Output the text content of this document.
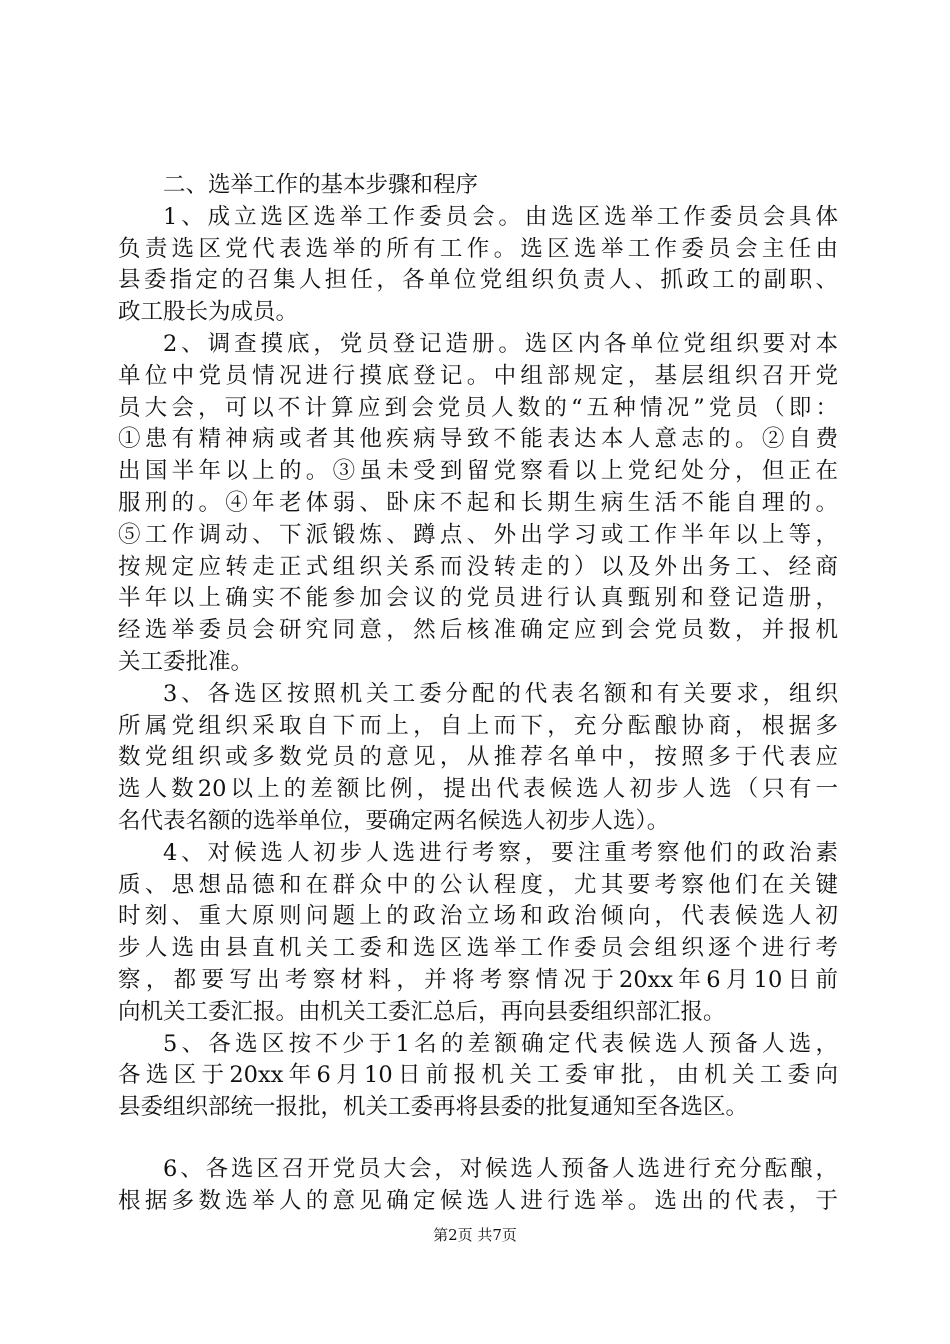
二、选举工作的基本步骤和程序
1、成立选区选举工作委员会。由选区选举工作委员会具体
负责选区党代表选举的所有工作。选区选举工作委员会主任由
县委指定的召集人担任，各单位党组织负责人、抓政工的副职、
政工股长为成员。
2、调查摸底，党员登记造册。选区内各单位党组织要对本
单位中党员情况进行摸底登记。中组部规定，基层组织召开党
员大会，可以不计算应到会党员人数的“五种情况”党员（即：
①患有精神病或者其他疾病导致不能表达本人意志的。②自费
出国半年以上的。③虽未受到留党察看以上党纪处分，但正在
服刑的。④年老体弱、卧床不起和长期生病生活不能自理的。
⑤工作调动、下派锻炼、蹲点、外出学习或工作半年以上等，
按规定应转走正式组织关系而没转走的）以及外出务工、经商
半年以上确实不能参加会议的党员进行认真甄别和登记造册，
经选举委员会研究同意，然后核准确定应到会党员数，并报机
关工委批准。
3、各选区按照机关工委分配的代表名额和有关要求，组织
所属党组织采取自下而上，自上而下，充分酝酿协商，根据多
数党组织或多数党员的意见，从推荐名单中，按照多于代表应
选人数20以上的差额比例，提出代表候选人初步人选（只有一
名代表名额的选举单位，要确定两名候选人初步人选）。
4、对候选人初步人选进行考察，要注重考察他们的政治素
质、思想品德和在群众中的公认程度，尤其要考察他们在关键
时刻、重大原则问题上的政治立场和政治倾向，代表候选人初
步人选由县直机关工委和选区选举工作委员会组织逐个进行考
察，都要写出考察材料，并将考察情况于20xx年6月10日前
向机关工委汇报。由机关工委汇总后，再向县委组织部汇报。
5、各选区按不少于1名的差额确定代表候选人预备人选，
各选区于20xx年6月10日前报机关工委审批，由机关工委向
县委组织部统一报批，机关工委再将县委的批复通知至各选区。
6、各选区召开党员大会，对候选人预备人选进行充分酝酿，
根据多数选举人的意见确定候选人进行选举。选出的代表，于
第2页 共7页
